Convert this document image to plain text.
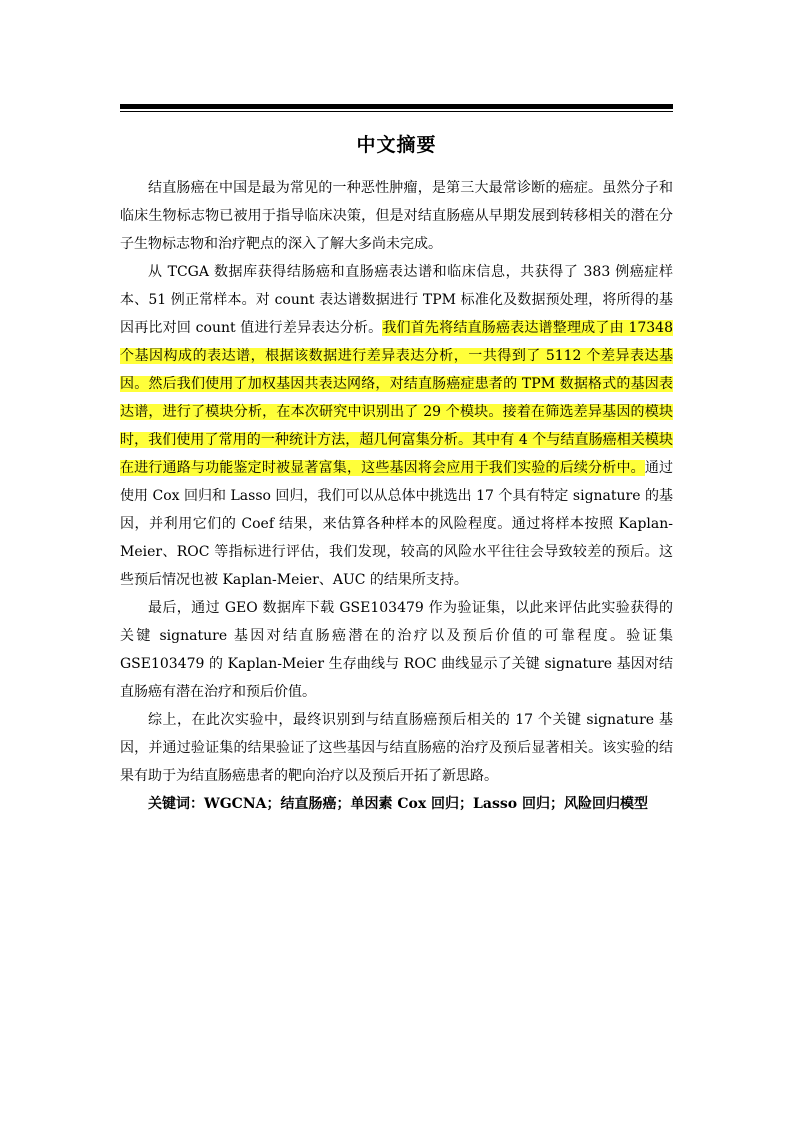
中文摘要

结直肠癌在中国是最为常见的一种恶性肿瘤，是第三大最常诊断的癌症。虽然分子和临床生物标志物已被用于指导临床决策，但是对结直肠癌从早期发展到转移相关的潜在分子生物标志物和治疗靶点的深入了解大多尚未完成。

从 TCGA 数据库获得结肠癌和直肠癌表达谱和临床信息，共获得了 383 例癌症样本、51 例正常样本。对 count 表达谱数据进行 TPM 标准化及数据预处理，将所得的基因再比对回 count 值进行差异表达分析。我们首先将结直肠癌表达谱整理成了由 17348 个基因构成的表达谱，根据该数据进行差异表达分析，一共得到了 5112 个差异表达基因。然后我们使用了加权基因共表达网络，对结直肠癌症患者的 TPM 数据格式的基因表达谱，进行了模块分析，在本次研究中识别出了 29 个模块。接着在筛选差异基因的模块时，我们使用了常用的一种统计方法，超几何富集分析。其中有 4 个与结直肠癌相关模块在进行通路与功能鉴定时被显著富集，这些基因将会应用于我们实验的后续分析中。通过使用 Cox 回归和 Lasso 回归，我们可以从总体中挑选出 17 个具有特定 signature 的基因，并利用它们的 Coef 结果，来估算各种样本的风险程度。通过将样本按照 Kaplan-Meier、ROC 等指标进行评估，我们发现，较高的风险水平往往会导致较差的预后。这些预后情况也被 Kaplan-Meier、AUC 的结果所支持。

最后，通过 GEO 数据库下载 GSE103479 作为验证集，以此来评估此实验获得的关键 signature 基因对结直肠癌潜在的治疗以及预后价值的可靠程度。验证集 GSE103479 的 Kaplan-Meier 生存曲线与 ROC 曲线显示了关键 signature 基因对结直肠癌有潜在治疗和预后价值。

综上，在此次实验中，最终识别到与结直肠癌预后相关的 17 个关键 signature 基因，并通过验证集的结果验证了这些基因与结直肠癌的治疗及预后显著相关。该实验的结果有助于为结直肠癌患者的靶向治疗以及预后开拓了新思路。

关键词：WGCNA；结直肠癌；单因素 Cox 回归；Lasso 回归；风险回归模型
